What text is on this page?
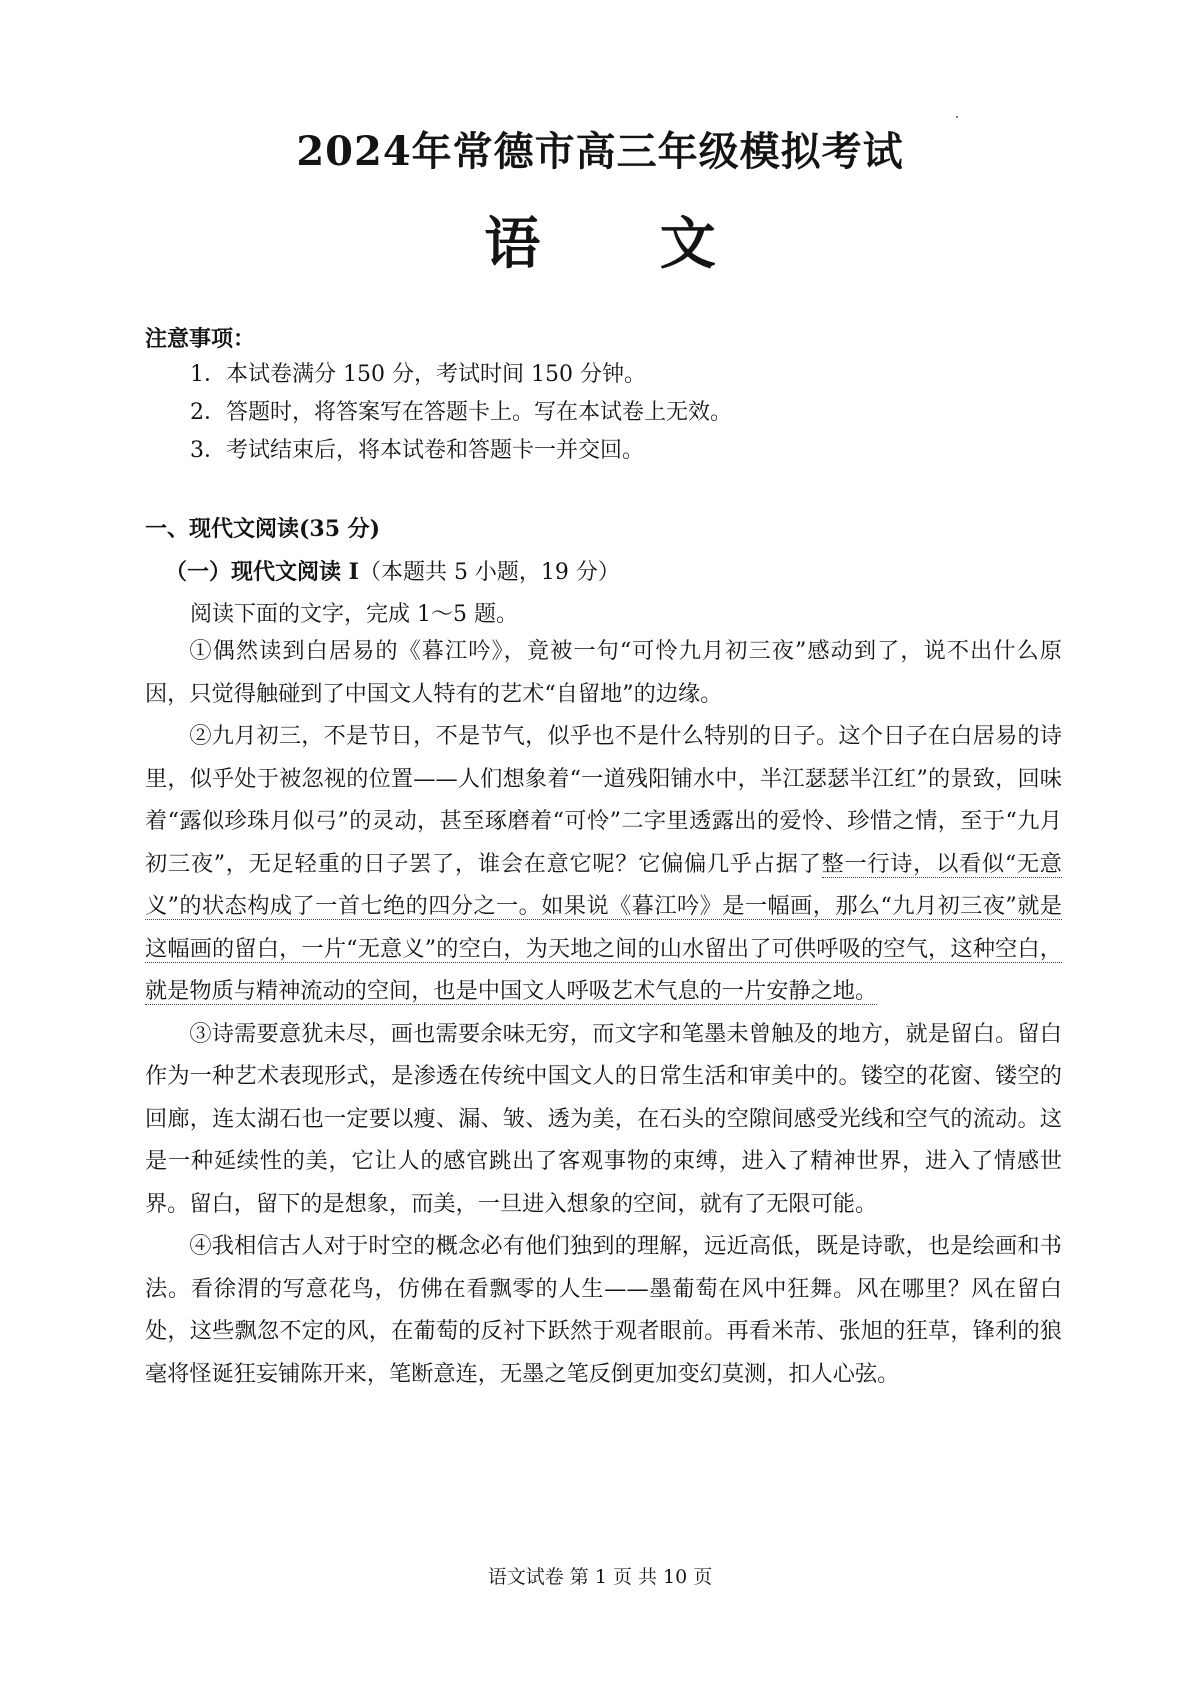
2024年常德市高三年级模拟考试
语 文
注意事项：
1．本试卷满分 150 分，考试时间 150 分钟。
2．答题时，将答案写在答题卡上。写在本试卷上无效。
3．考试结束后，将本试卷和答题卡一并交回。
一、现代文阅读(35 分)
（一）现代文阅读 I（本题共 5 小题，19 分）
阅读下面的文字，完成 1～5 题。

①偶然读到白居易的《暮江吟》，竟被一句“可怜九月初三夜”感动到了，说不出什么原因，只觉得触碰到了中国文人特有的艺术“自留地”的边缘。

②九月初三，不是节日，不是节气，似乎也不是什么特别的日子。这个日子在白居易的诗里，似乎处于被忽视的位置——人们想象着“一道残阳铺水中，半江瑟瑟半江红”的景致，回味着“露似珍珠月似弓”的灵动，甚至琢磨着“可怜”二字里透露出的爱怜、珍惜之情，至于“九月初三夜”，无足轻重的日子罢了，谁会在意它呢？它偏偏几乎占据了整一行诗，以看似“无意义”的状态构成了一首七绝的四分之一。如果说《暮江吟》是一幅画，那么“九月初三夜”就是这幅画的留白，一片“无意义”的空白，为天地之间的山水留出了可供呼吸的空气，这种空白，就是物质与精神流动的空间，也是中国文人呼吸艺术气息的一片安静之地。

③诗需要意犹未尽，画也需要余味无穷，而文字和笔墨未曾触及的地方，就是留白。留白作为一种艺术表现形式，是渗透在传统中国文人的日常生活和审美中的。镂空的花窗、镂空的回廊，连太湖石也一定要以瘦、漏、皱、透为美，在石头的空隙间感受光线和空气的流动。这是一种延续性的美，它让人的感官跳出了客观事物的束缚，进入了精神世界，进入了情感世界。留白，留下的是想象，而美，一旦进入想象的空间，就有了无限可能。

④我相信古人对于时空的概念必有他们独到的理解，远近高低，既是诗歌，也是绘画和书法。看徐渭的写意花鸟，仿佛在看飘零的人生——墨葡萄在风中狂舞。风在哪里？风在留白处，这些飘忽不定的风，在葡萄的反衬下跃然于观者眼前。再看米芾、张旭的狂草，锋利的狼毫将怪诞狂妄铺陈开来，笔断意连，无墨之笔反倒更加变幻莫测，扣人心弦。

语文试卷 第 1 页 共 10 页
